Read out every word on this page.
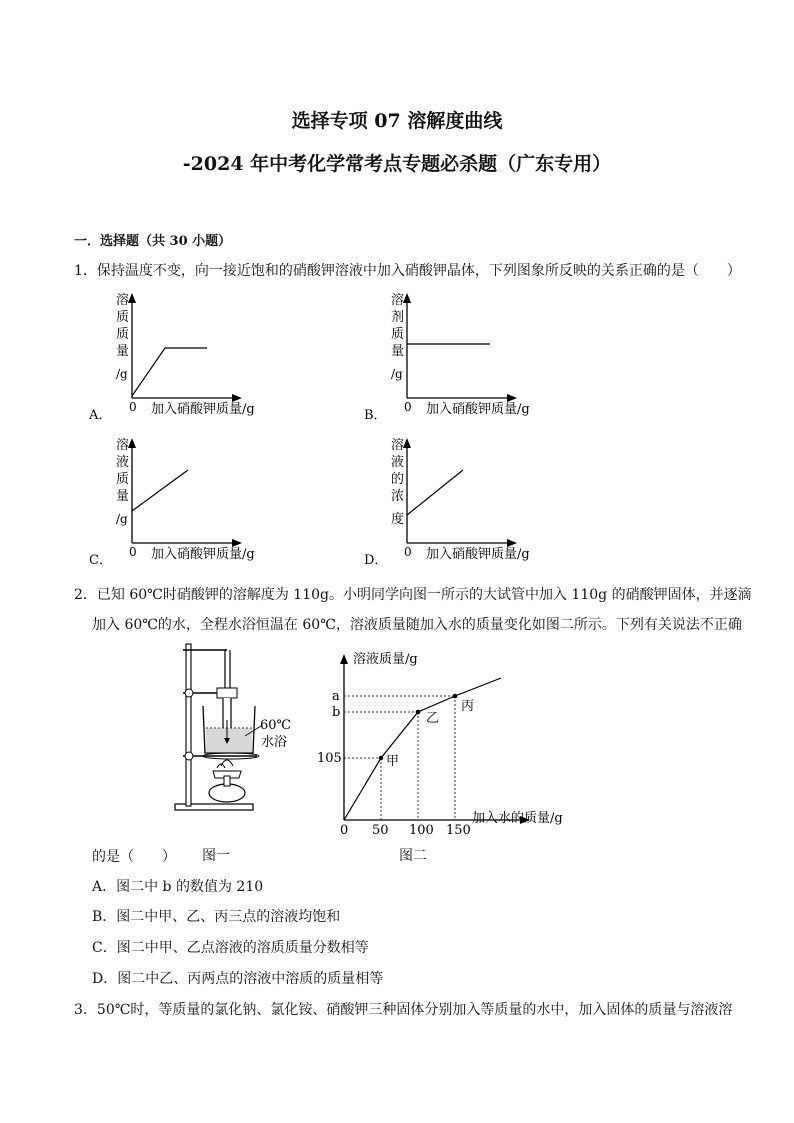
选择专项 07 溶解度曲线
-2024 年中考化学常考点专题必杀题（广东专用）
一．选择题（共 30 小题）
1．保持温度不变，向一接近饱和的硝酸钾溶液中加入硝酸钾晶体，下列图象所反映的关系正确的是（　　）
溶
质
质
量
/g
0 加入硝酸钾质量/g
A．
溶
剂
质
量
/g
0 加入硝酸钾质量/g
B．
溶
液
质
量
/g
0 加入硝酸钾质量/g
C．
溶
液
的
浓
度
0 加入硝酸钾质量/g
D．
2．已知 60℃时硝酸钾的溶解度为 110g。小明同学向图一所示的大试管中加入 110g 的硝酸钾固体，并逐滴
加入 60℃的水，全程水浴恒温在 60℃，溶液质量随加入水的质量变化如图二所示。下列有关说法不正确
60℃
水浴
溶液质量/g
加入水的质量/g
0 50 100 150
105
b
a
甲
乙
丙
图一	图二
的是（　　）
A．图二中 b 的数值为 210
B．图二中甲、乙、丙三点的溶液均饱和
C．图二中甲、乙点溶液的溶质质量分数相等
D．图二中乙、丙两点的溶液中溶质的质量相等
3．50℃时，等质量的氯化钠、氯化铵、硝酸钾三种固体分别加入等质量的水中，加入固体的质量与溶液溶
